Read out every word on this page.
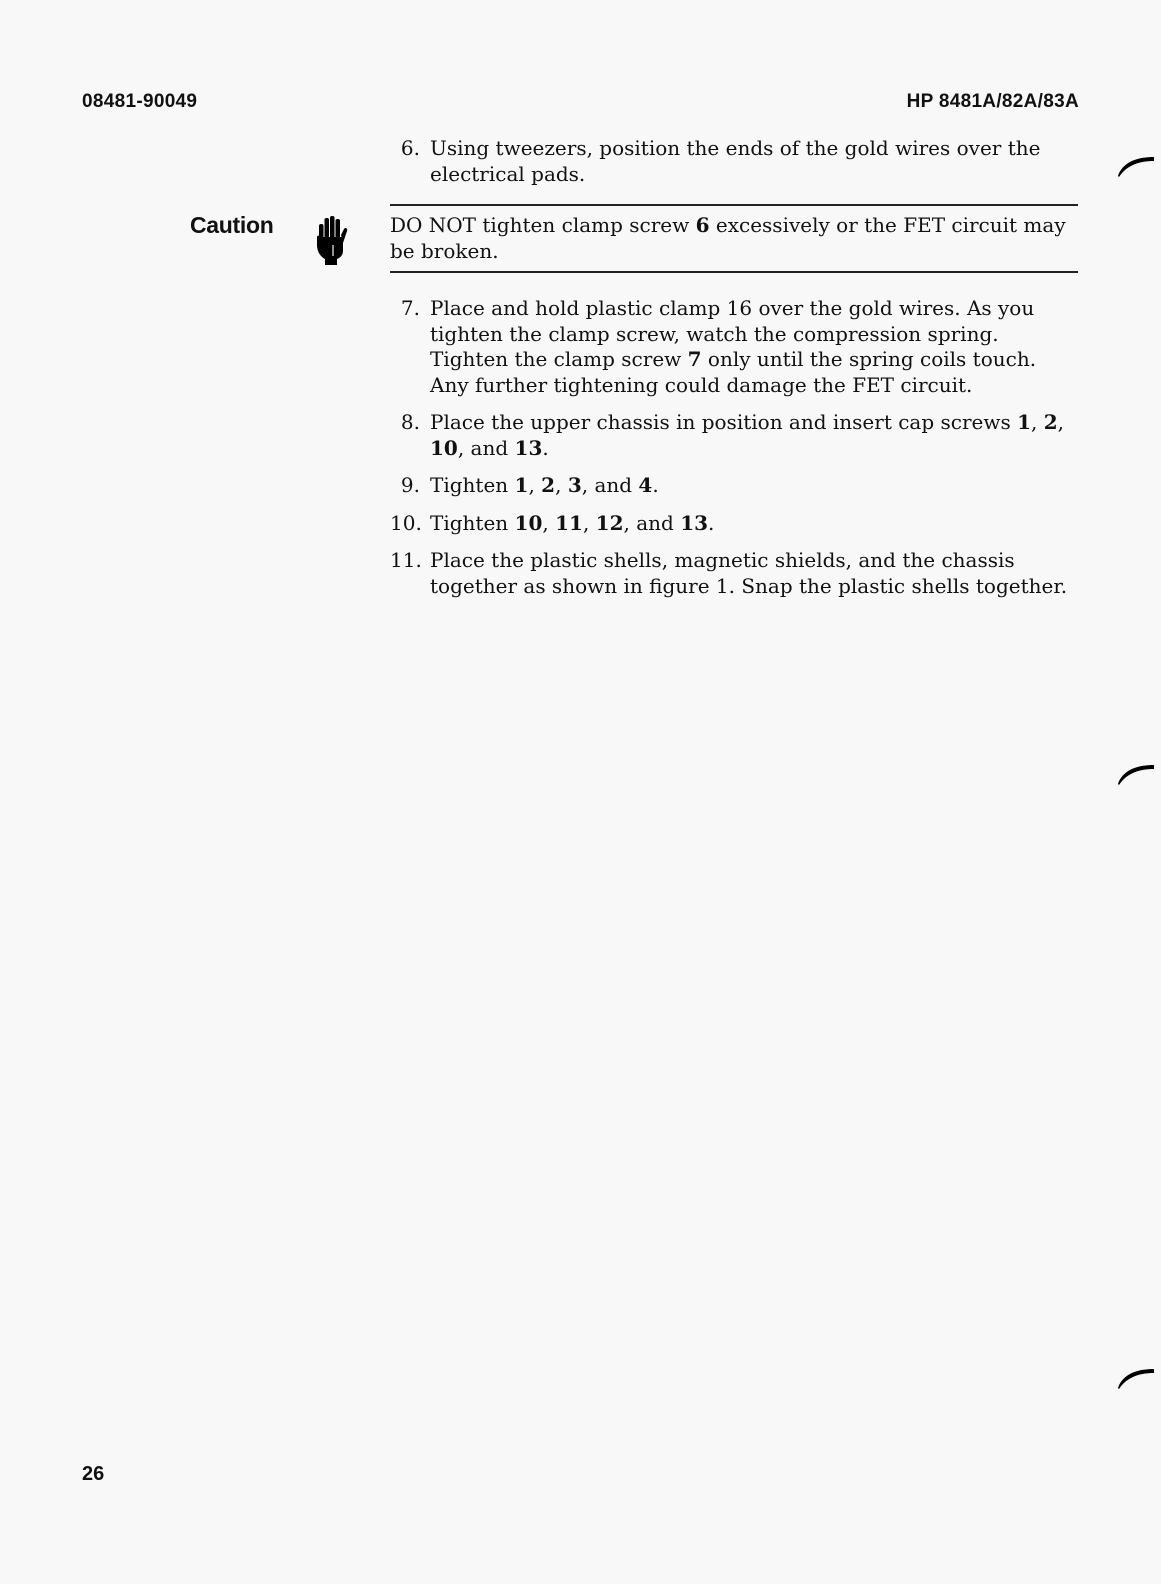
08481-90049	HP 8481A/82A/83A
6. Using tweezers, position the ends of the gold wires over the electrical pads.
Caution	DO NOT tighten clamp screw 6 excessively or the FET circuit may be broken.
7. Place and hold plastic clamp 16 over the gold wires. As you tighten the clamp screw, watch the compression spring. Tighten the clamp screw 7 only until the spring coils touch. Any further tightening could damage the FET circuit.
8. Place the upper chassis in position and insert cap screws 1, 2, 10, and 13.
9. Tighten 1, 2, 3, and 4.
10. Tighten 10, 11, 12, and 13.
11. Place the plastic shells, magnetic shields, and the chassis together as shown in figure 1. Snap the plastic shells together.
26
